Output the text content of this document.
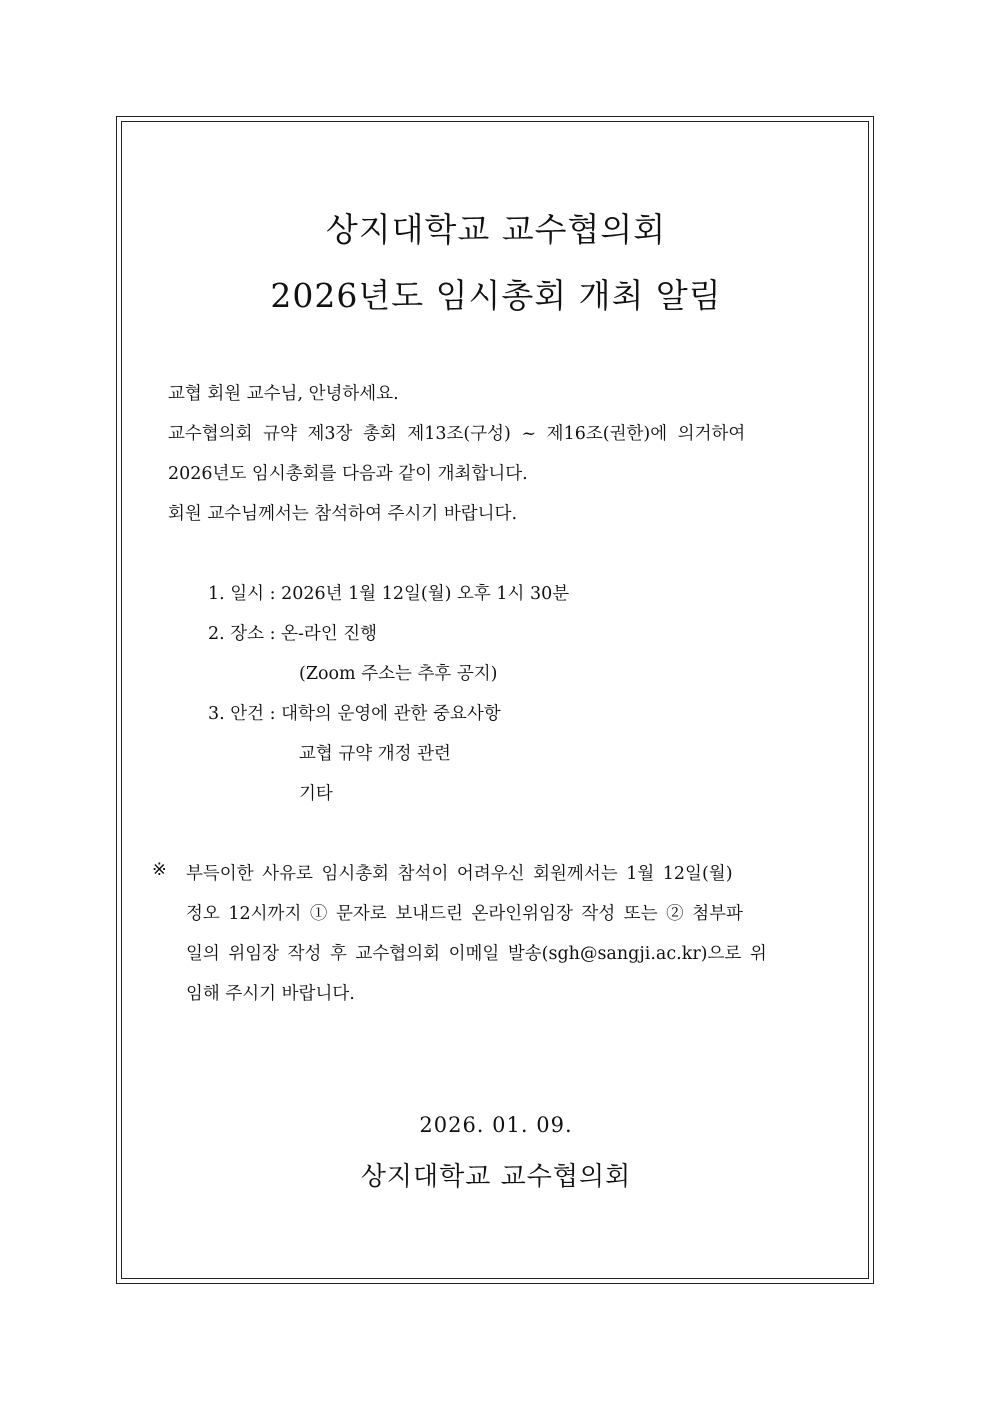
상지대학교 교수협의회
2026년도 임시총회 개최 알림
교협 회원 교수님, 안녕하세요.
교수협의회 규약 제3장 총회 제13조(구성) ~ 제16조(권한)에 의거하여
2026년도 임시총회를 다음과 같이 개최합니다.
회원 교수님께서는 참석하여 주시기 바랍니다.
1. 일시 : 2026년 1월 12일(월) 오후 1시 30분
2. 장소 : 온-라인 진행
(Zoom 주소는 추후 공지)
3. 안건 : 대학의 운영에 관한 중요사항
교협 규약 개정 관련
기타
※ 부득이한 사유로 임시총회 참석이 어려우신 회원께서는 1월 12일(월)
정오 12시까지 ① 문자로 보내드린 온라인위임장 작성 또는 ② 첨부파
일의 위임장 작성 후 교수협의회 이메일 발송(sgh@sangji.ac.kr)으로 위
임해 주시기 바랍니다.
2026. 01. 09.
상지대학교 교수협의회
